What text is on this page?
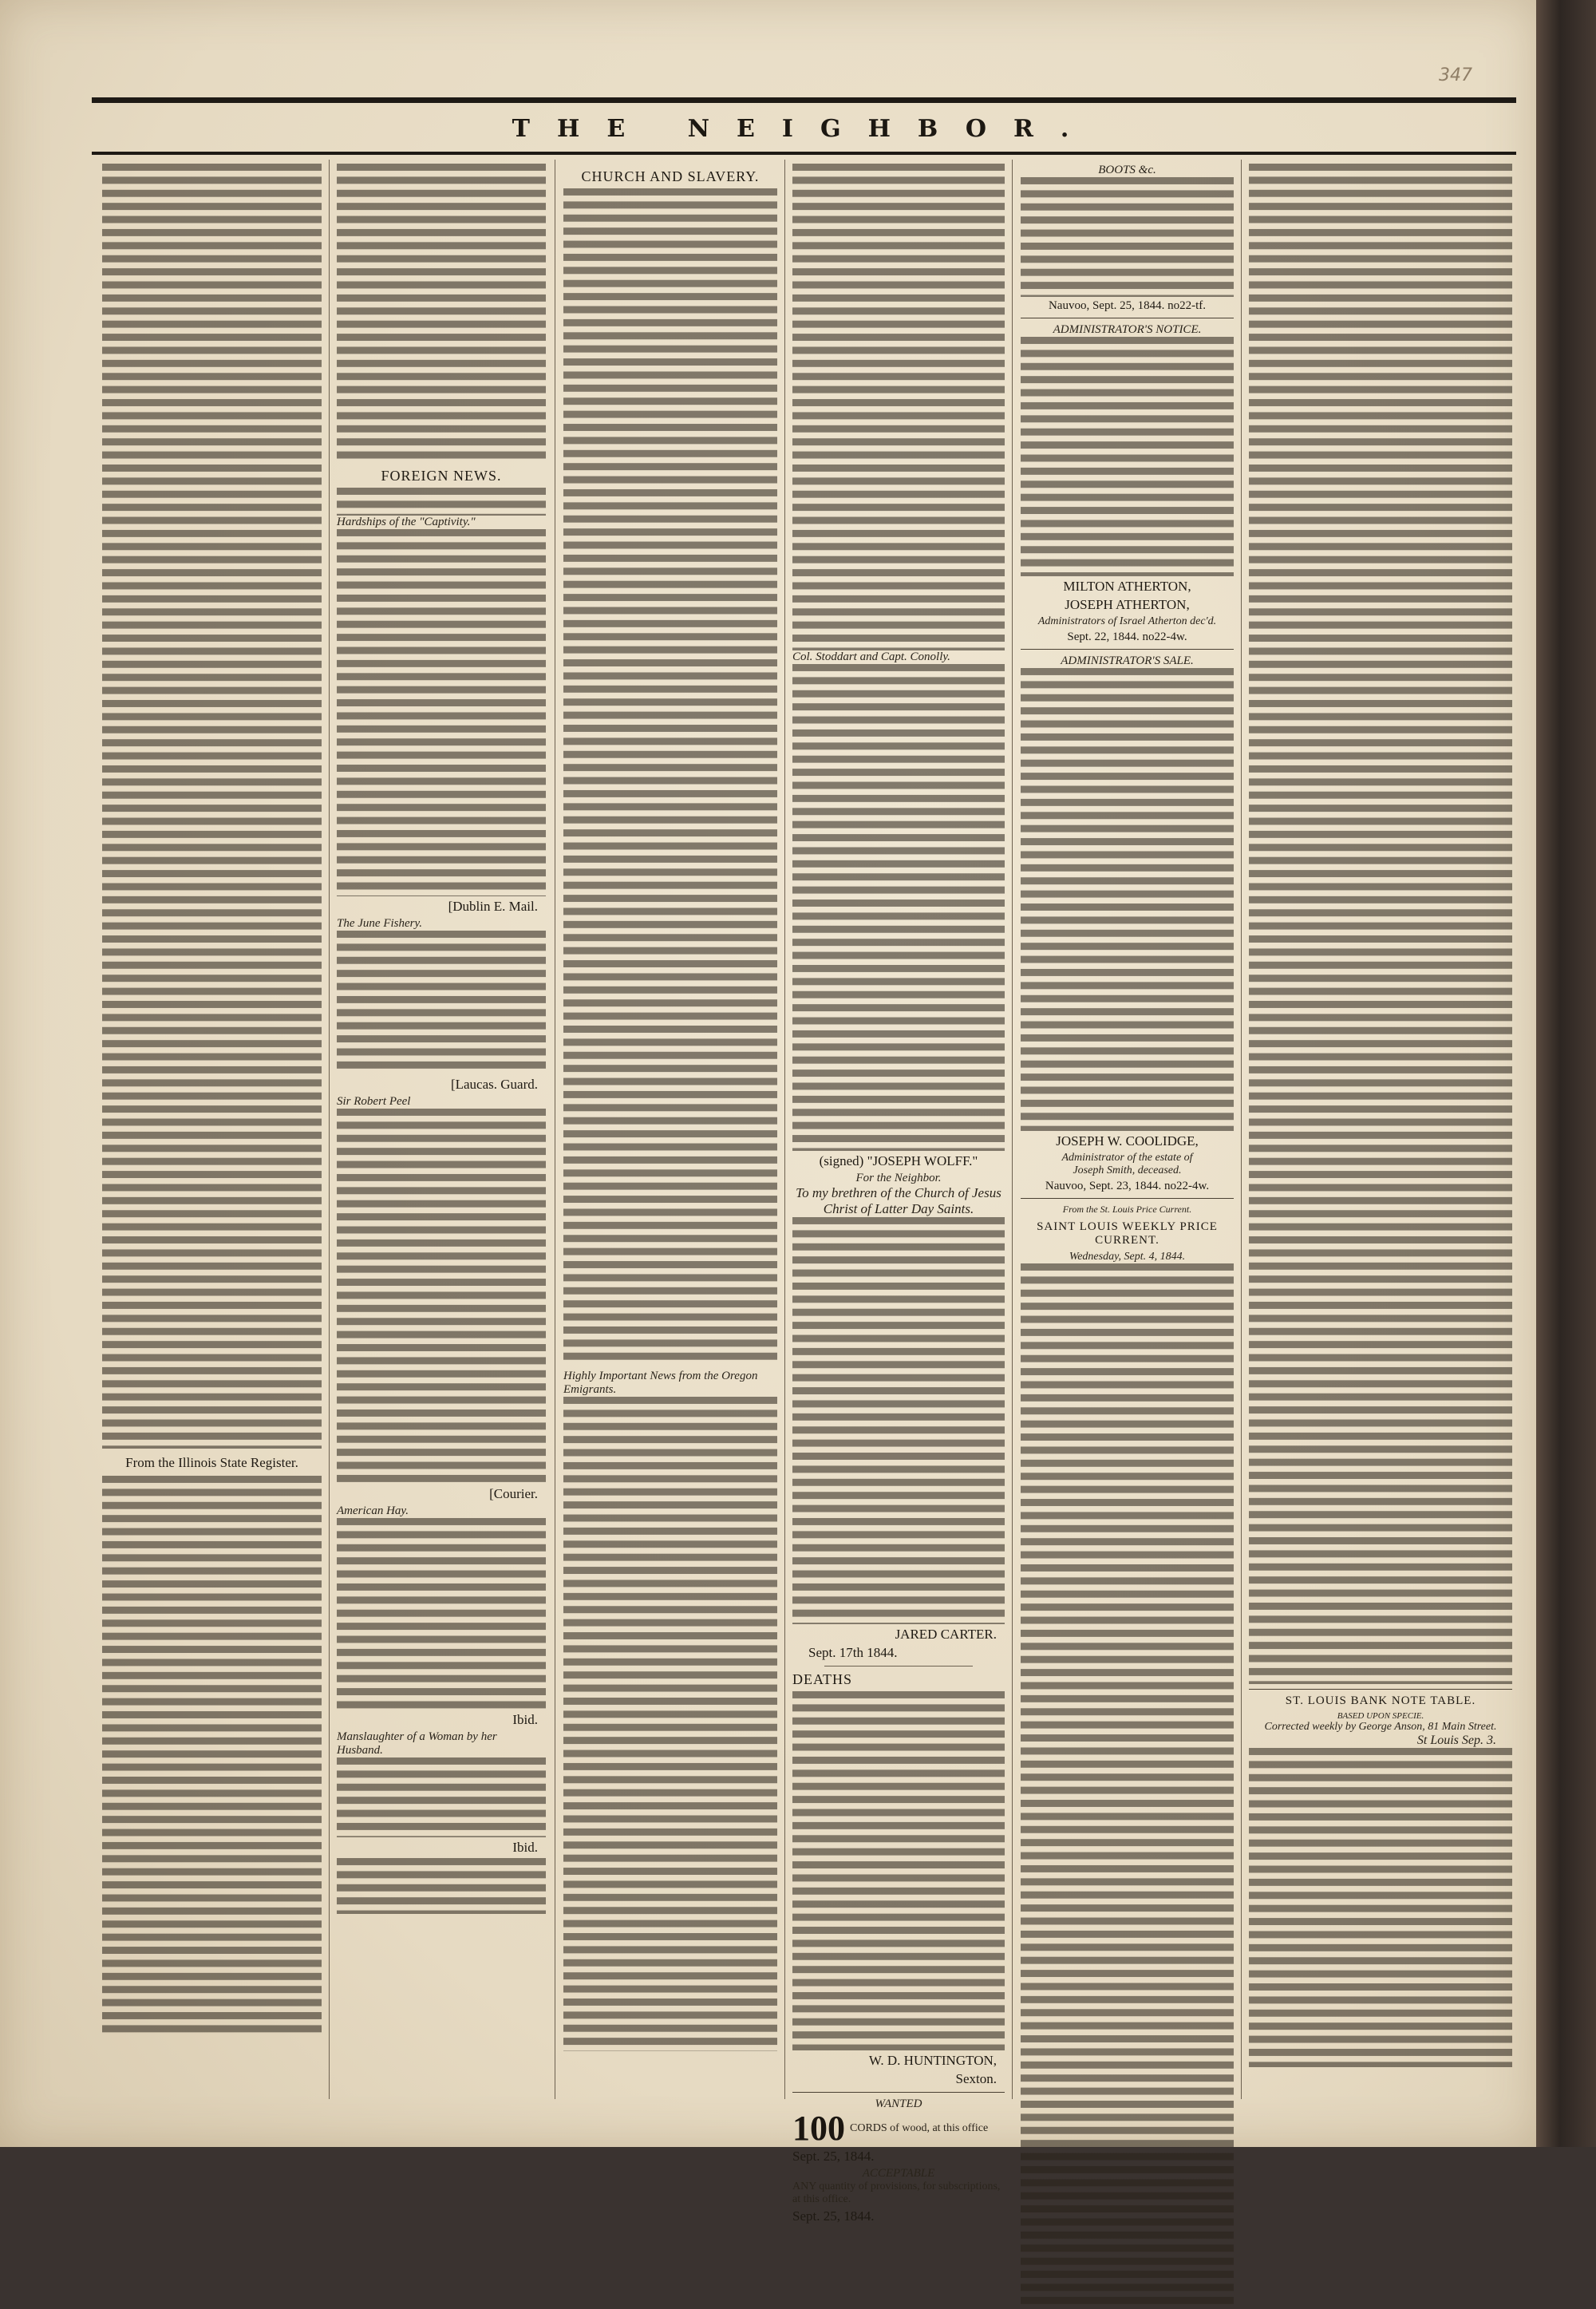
347
THE NEIGHBOR.
From the Illinois State Register.
FOREIGN NEWS.
Hardships of the "Captivity."
[Dublin E. Mail.
The June Fishery.
[Laucas. Guard.
Sir Robert Peel
[Courier.
American Hay.
Ibid.
Manslaughter of a Woman by her Husband.
Ibid.
CHURCH AND SLAVERY.
Highly Important News from the Oregon Emigrants.
Col. Stoddart and Capt. Conolly.
(signed) "JOSEPH WOLFF."
For the Neighbor.
To my brethren of the Church of Jesus Christ of Latter Day Saints.
JARED CARTER.
Sept. 17th 1844.
DEATHS
W. D. HUNTINGTON,
Sexton.
WANTED
100 CORDS of wood, at this office
Sept. 25, 1844.
ACCEPTABLE
ANY quantity of provisions, for subscriptions, at this office.
Sept. 25, 1844.
BOOTS &c.
Nauvoo, Sept. 25, 1844. no22-tf.
ADMINISTRATOR'S NOTICE.
MILTON ATHERTON,
JOSEPH ATHERTON,
Administrators of Israel Atherton dec'd.
Sept. 22, 1844. no22-4w.
ADMINISTRATOR'S SALE.
JOSEPH W. COOLIDGE,
Administrator of the estate of
Joseph Smith, deceased.
Nauvoo, Sept. 23, 1844. no22-4w.
From the St. Louis Price Current.
SAINT LOUIS WEEKLY PRICE CURRENT.
Wednesday, Sept. 4, 1844.
ST. LOUIS BANK NOTE TABLE.
BASED UPON SPECIE.
Corrected weekly by George Anson, 81 Main Street.
St Louis Sep. 3.
